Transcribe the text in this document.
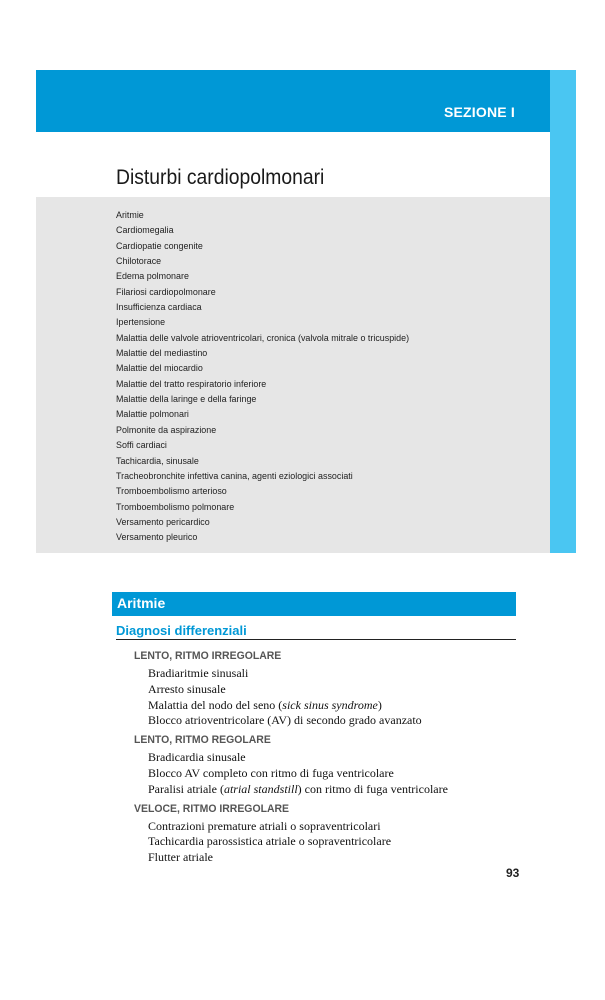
SEZIONE I
Disturbi cardiopolmonari
Aritmie
Cardiomegalia
Cardiopatie congenite
Chilotorace
Edema polmonare
Filariosi cardiopolmonare
Insufficienza cardiaca
Ipertensione
Malattia delle valvole atrioventricolari, cronica (valvola mitrale o tricuspide)
Malattie del mediastino
Malattie del miocardio
Malattie del tratto respiratorio inferiore
Malattie della laringe e della faringe
Malattie polmonari
Polmonite da aspirazione
Soffi cardiaci
Tachicardia, sinusale
Tracheobronchite infettiva canina, agenti eziologici associati
Tromboembolismo arterioso
Tromboembolismo polmonare
Versamento pericardico
Versamento pleurico
Aritmie
Diagnosi differenziali
LENTO, RITMO IRREGOLARE
Bradiaritmie sinusali
Arresto sinusale
Malattia del nodo del seno (sick sinus syndrome)
Blocco atrioventricolare (AV) di secondo grado avanzato
LENTO, RITMO REGOLARE
Bradicardia sinusale
Blocco AV completo con ritmo di fuga ventricolare
Paralisi atriale (atrial standstill) con ritmo di fuga ventricolare
VELOCE, RITMO IRREGOLARE
Contrazioni premature atriali o sopraventricolari
Tachicardia parossistica atriale o sopraventricolare
Flutter atriale
93
